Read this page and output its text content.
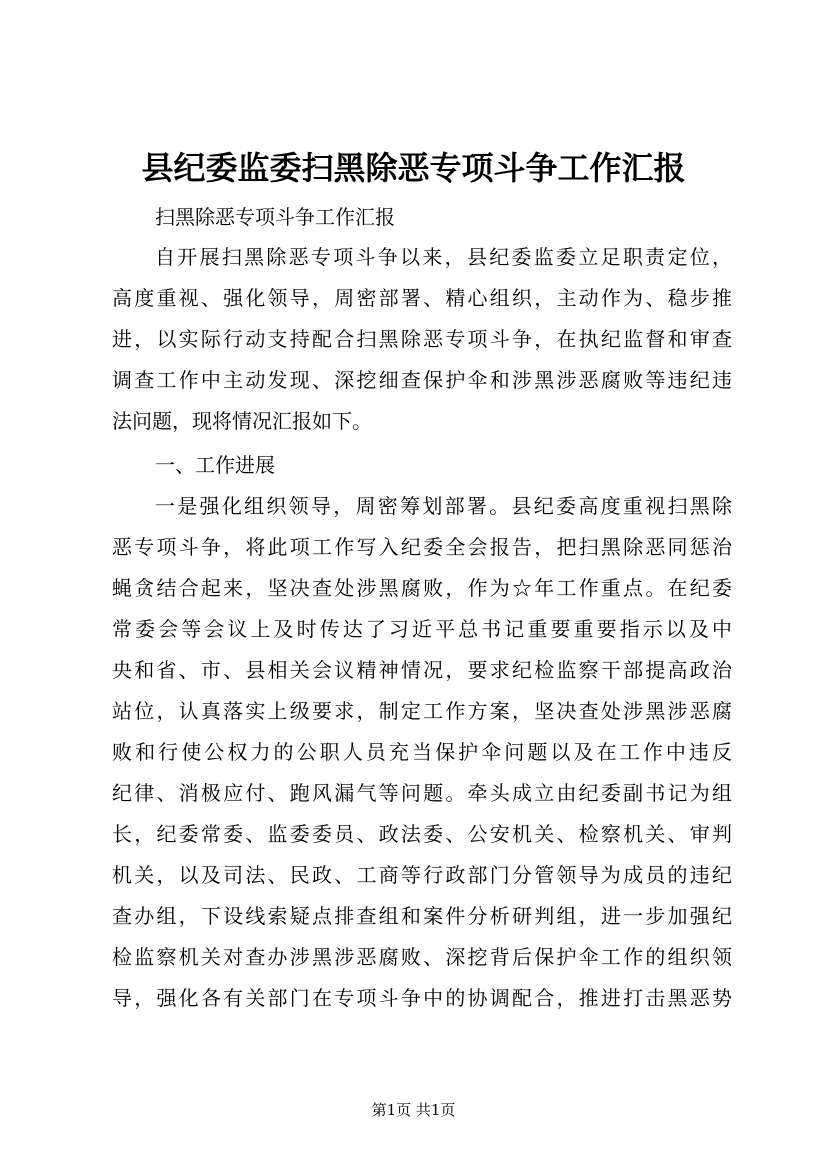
县纪委监委扫黑除恶专项斗争工作汇报
扫黑除恶专项斗争工作汇报
自开展扫黑除恶专项斗争以来，县纪委监委立足职责定位，
高度重视、强化领导，周密部署、精心组织，主动作为、稳步推
进，以实际行动支持配合扫黑除恶专项斗争，在执纪监督和审查
调查工作中主动发现、深挖细查保护伞和涉黑涉恶腐败等违纪违
法问题，现将情况汇报如下。
一、工作进展
一是强化组织领导，周密筹划部署。县纪委高度重视扫黑除
恶专项斗争，将此项工作写入纪委全会报告，把扫黑除恶同惩治
蝇贪结合起来，坚决查处涉黑腐败，作为☆年工作重点。在纪委
常委会等会议上及时传达了习近平总书记重要重要指示以及中
央和省、市、县相关会议精神情况，要求纪检监察干部提高政治
站位，认真落实上级要求，制定工作方案，坚决查处涉黑涉恶腐
败和行使公权力的公职人员充当保护伞问题以及在工作中违反
纪律、消极应付、跑风漏气等问题。牵头成立由纪委副书记为组
长，纪委常委、监委委员、政法委、公安机关、检察机关、审判
机关，以及司法、民政、工商等行政部门分管领导为成员的违纪
查办组，下设线索疑点排查组和案件分析研判组，进一步加强纪
检监察机关对查办涉黑涉恶腐败、深挖背后保护伞工作的组织领
导，强化各有关部门在专项斗争中的协调配合，推进打击黑恶势
第1页 共1页
